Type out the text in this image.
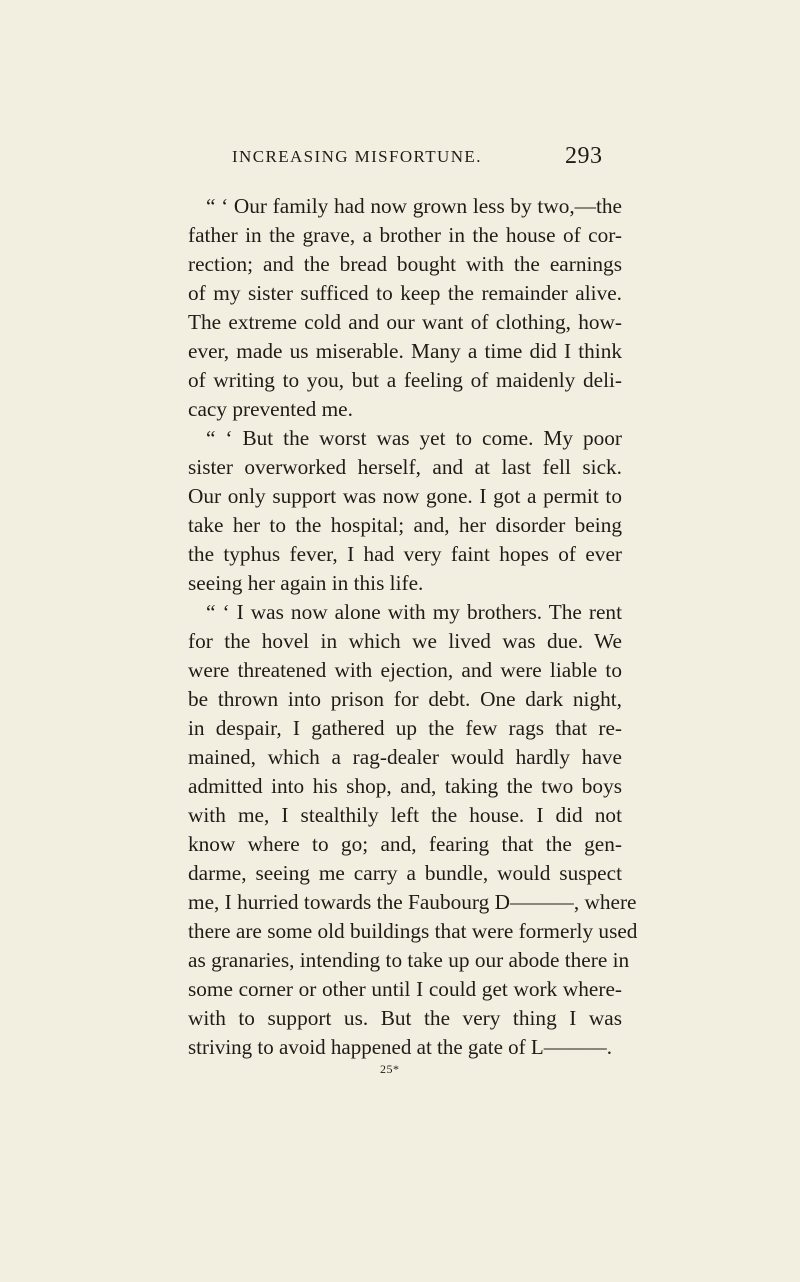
INCREASING MISFORTUNE.	293
“ ‘ Our family had now grown less by two,—the
father in the grave, a brother in the house of cor-
rection; and the bread bought with the earnings
of my sister sufficed to keep the remainder alive.
The extreme cold and our want of clothing, how-
ever, made us miserable. Many a time did I think
of writing to you, but a feeling of maidenly deli-
cacy prevented me.
“ ‘ But the worst was yet to come. My poor
sister overworked herself, and at last fell sick.
Our only support was now gone. I got a permit to
take her to the hospital; and, her disorder being
the typhus fever, I had very faint hopes of ever
seeing her again in this life.
“ ‘ I was now alone with my brothers. The rent
for the hovel in which we lived was due. We
were threatened with ejection, and were liable to
be thrown into prison for debt. One dark night,
in despair, I gathered up the few rags that re-
mained, which a rag-dealer would hardly have
admitted into his shop, and, taking the two boys
with me, I stealthily left the house. I did not
know where to go; and, fearing that the gen-
darme, seeing me carry a bundle, would suspect
me, I hurried towards the Faubourg D———, where
there are some old buildings that were formerly used
as granaries, intending to take up our abode there in
some corner or other until I could get work where-
with to support us. But the very thing I was
striving to avoid happened at the gate of L———.
25*
